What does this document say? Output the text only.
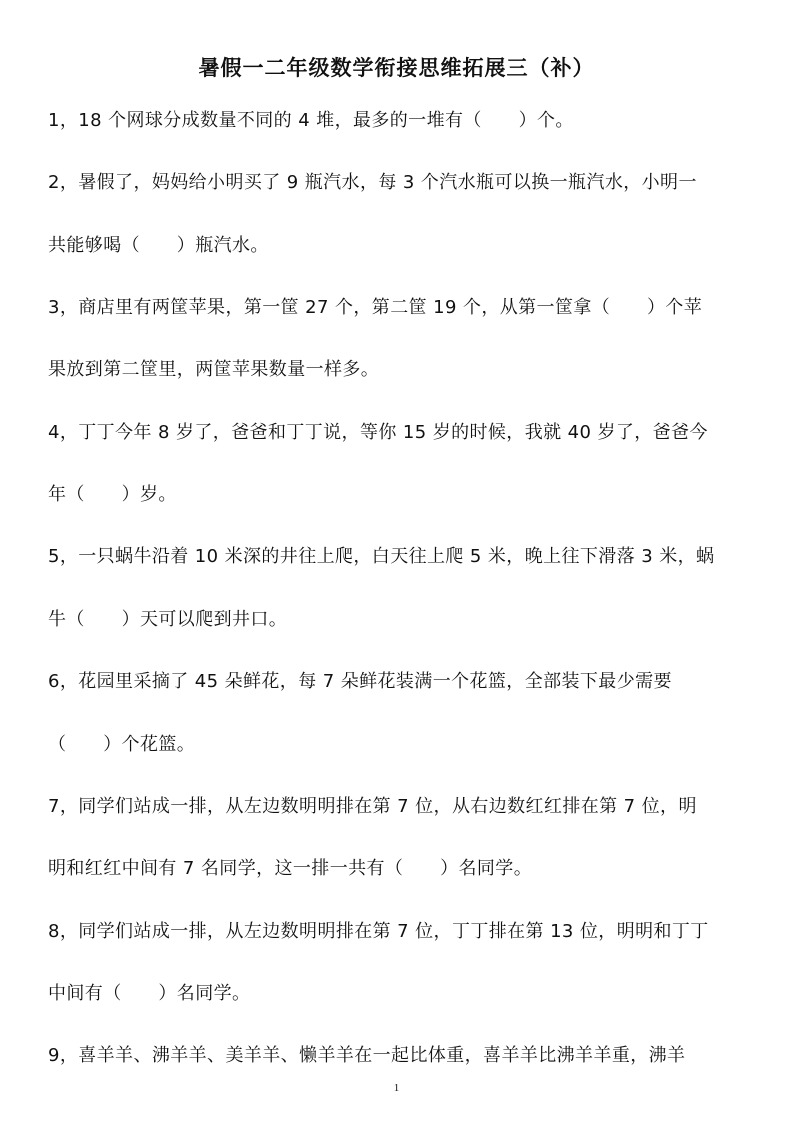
暑假一二年级数学衔接思维拓展三（补）
1，18 个网球分成数量不同的 4 堆，最多的一堆有（　　）个。
2，暑假了，妈妈给小明买了 9 瓶汽水，每 3 个汽水瓶可以换一瓶汽水，小明一
共能够喝（　　）瓶汽水。
3，商店里有两筐苹果，第一筐 27 个，第二筐 19 个，从第一筐拿（　　）个苹
果放到第二筐里，两筐苹果数量一样多。
4，丁丁今年 8 岁了，爸爸和丁丁说，等你 15 岁的时候，我就 40 岁了，爸爸今
年（　　）岁。
5，一只蜗牛沿着 10 米深的井往上爬，白天往上爬 5 米，晚上往下滑落 3 米，蜗
牛（　　）天可以爬到井口。
6，花园里采摘了 45 朵鲜花，每 7 朵鲜花装满一个花篮，全部装下最少需要
（　　）个花篮。
7，同学们站成一排，从左边数明明排在第 7 位，从右边数红红排在第 7 位，明
明和红红中间有 7 名同学，这一排一共有（　　）名同学。
8，同学们站成一排，从左边数明明排在第 7 位，丁丁排在第 13 位，明明和丁丁
中间有（　　）名同学。
9，喜羊羊、沸羊羊、美羊羊、懒羊羊在一起比体重，喜羊羊比沸羊羊重，沸羊
1
